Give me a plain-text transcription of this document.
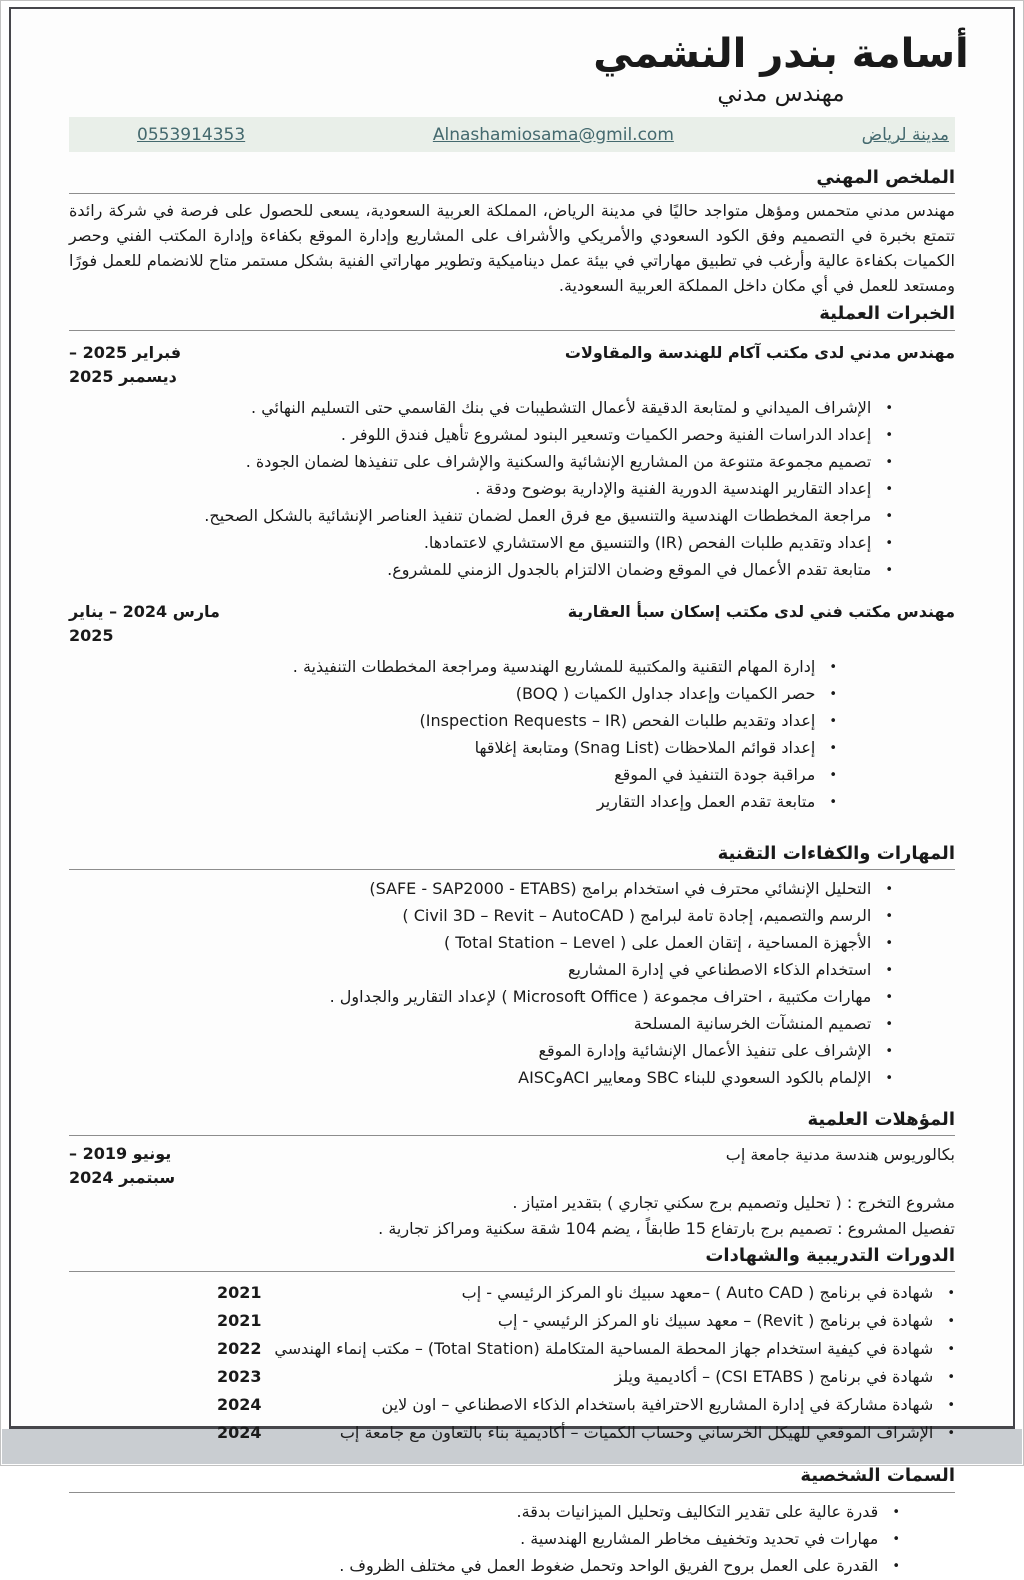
أسامة بندر النشمي
مهندس مدني
مدينة لرياض
Alnashamiosama@gmil.com
0553914353
الملخص المهني
مهندس مدني متحمس ومؤهل متواجد حاليًا في مدينة الرياض، المملكة العربية السعودية، يسعى للحصول على فرصة في شركة رائدة تتمتع بخبرة في التصميم وفق الكود السعودي والأمريكي والأشراف على المشاريع وإدارة الموقع بكفاءة وإدارة المكتب الفني وحصر الكميات بكفاءة عالية وأرغب في تطبيق مهاراتي في بيئة عمل ديناميكية وتطوير مهاراتي الفنية بشكل مستمر متاح للانضمام للعمل فورًا ومستعد للعمل في أي مكان داخل المملكة العربية السعودية.
الخبرات العملية
مهندس مدني لدى مكتب آكام للهندسة والمقاولات
فبراير 2025 – ديسمبر 2025
• الإشراف الميداني و لمتابعة الدقيقة لأعمال التشطيبات في بنك القاسمي حتى التسليم النهائي .
• إعداد الدراسات الفنية وحصر الكميات وتسعير البنود لمشروع تأهيل فندق اللوفر .
• تصميم مجموعة متنوعة من المشاريع الإنشائية والسكنية والإشراف على تنفيذها لضمان الجودة .
• إعداد التقارير الهندسية الدورية الفنية والإدارية بوضوح ودقة .
• مراجعة المخططات الهندسية والتنسيق مع فرق العمل لضمان تنفيذ العناصر الإنشائية بالشكل الصحيح.
• إعداد وتقديم طلبات الفحص (IR) والتنسيق مع الاستشاري لاعتمادها.
• متابعة تقدم الأعمال في الموقع وضمان الالتزام بالجدول الزمني للمشروع.
مهندس مكتب فني لدى مكتب إسكان سبأ العقارية
مارس 2024 – يناير 2025
• إدارة المهام التقنية والمكتبية للمشاريع الهندسية ومراجعة المخططات التنفيذية .
• حصر الكميات وإعداد جداول الكميات ( BOQ)
• إعداد وتقديم طلبات الفحص (Inspection Requests – IR)
• إعداد قوائم الملاحظات (Snag List) ومتابعة إغلاقها
• مراقبة جودة التنفيذ في الموقع
• متابعة تقدم العمل وإعداد التقارير
المهارات والكفاءات التقنية
• التحليل الإنشائي محترف في استخدام برامج (SAFE - SAP2000 - ETABS)
• الرسم والتصميم، إجادة تامة لبرامج ( Civil 3D – Revit – AutoCAD )
• الأجهزة المساحية ، إتقان العمل على ( Total Station – Level )
• استخدام الذكاء الاصطناعي في إدارة المشاريع
• مهارات مكتبية ، احتراف مجموعة ( Microsoft Office ) لإعداد التقارير والجداول .
• تصميم المنشآت الخرسانية المسلحة
• الإشراف على تنفيذ الأعمال الإنشائية وإدارة الموقع
• الإلمام بالكود السعودي للبناء SBC ومعايير ACIوAISC
المؤهلات العلمية
بكالوريوس هندسة مدنية جامعة إب
يونيو 2019 – سبتمبر 2024
مشروع التخرج : ( تحليل وتصميم برج سكني تجاري ) بتقدير امتياز .
تفصيل المشروع : تصميم برج بارتفاع 15 طابقاً ، يضم 104 شقة سكنية ومراكز تجارية .
الدورات التدريبية والشهادات
• شهادة في برنامج ( Auto CAD ) –معهد سبيك ناو المركز الرئيسي - إب
2021
• شهادة في برنامج ( Revit) – معهد سبيك ناو المركز الرئيسي - إب
2021
• شهادة في كيفية استخدام جهاز المحطة المساحية المتكاملة (Total Station) – مكتب إنماء الهندسي
2022
• شهادة في برنامج ( CSI ETABS) – أكاديمية ويلز
2023
• شهادة مشاركة في إدارة المشاريع الاحترافية باستخدام الذكاء الاصطناعي – اون لاين
2024
• الإشراف الموقعي للهيكل الخرساني وحساب الكميات – أكاديمية بناء بالتعاون مع جامعة إب
2024
السمات الشخصية
• قدرة عالية على تقدير التكاليف وتحليل الميزانيات بدقة.
• مهارات في تحديد وتخفيف مخاطر المشاريع الهندسية .
• القدرة على العمل بروح الفريق الواحد وتحمل ضغوط العمل في مختلف الظروف .
